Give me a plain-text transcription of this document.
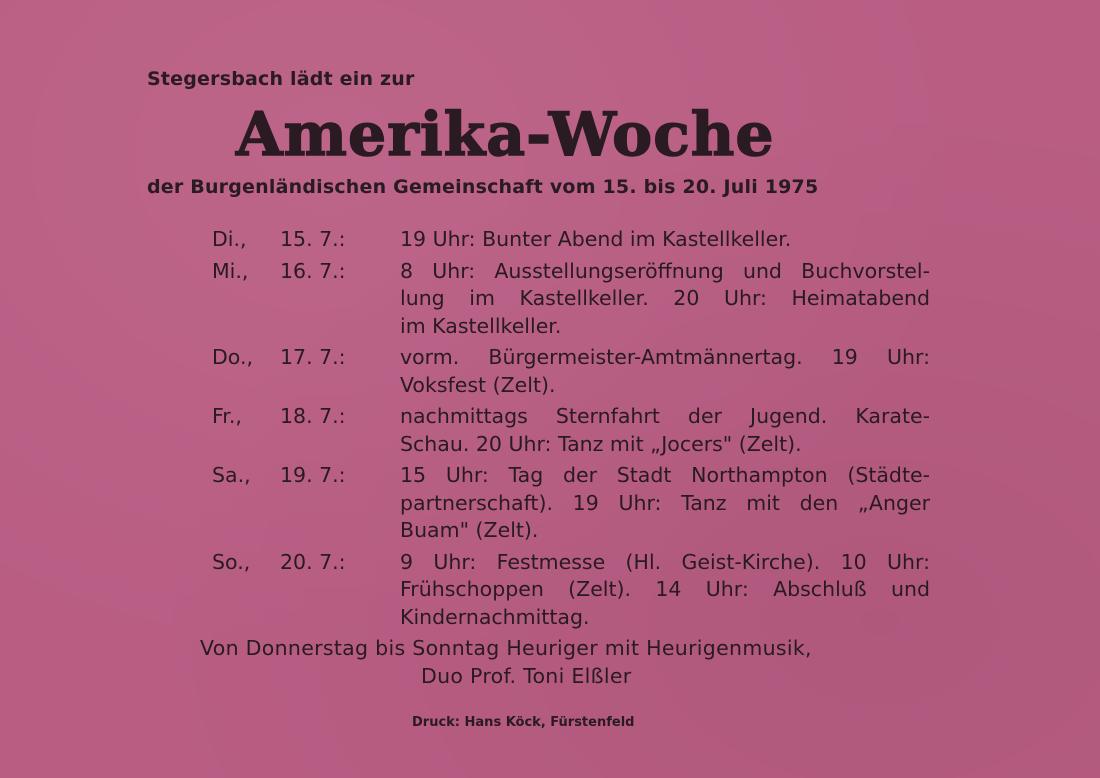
Stegersbach lädt ein zur
Amerika-Woche
der Burgenländischen Gemeinschaft vom 15. bis 20. Juli 1975
Di.,	15. 7.:	19 Uhr: Bunter Abend im Kastellkeller.
Mi.,	16. 7.:	8 Uhr: Ausstellungseröffnung und Buchvorstel-
lung im Kastellkeller. 20 Uhr: Heimatabend
im Kastellkeller.
Do.,	17. 7.:	vorm. Bürgermeister-Amtmännertag. 19 Uhr:
Voksfest (Zelt).
Fr.,	18. 7.:	nachmittags Sternfahrt der Jugend. Karate-
Schau. 20 Uhr: Tanz mit „Jocers" (Zelt).
Sa.,	19. 7.:	15 Uhr: Tag der Stadt Northampton (Städte-
partnerschaft). 19 Uhr: Tanz mit den „Anger
Buam" (Zelt).
So.,	20. 7.:	9 Uhr: Festmesse (Hl. Geist-Kirche). 10 Uhr:
Frühschoppen (Zelt). 14 Uhr: Abschluß und
Kindernachmittag.
Von Donnerstag bis Sonntag Heuriger mit Heurigenmusik,
Duo Prof. Toni Elßler
Druck: Hans Köck, Fürstenfeld
